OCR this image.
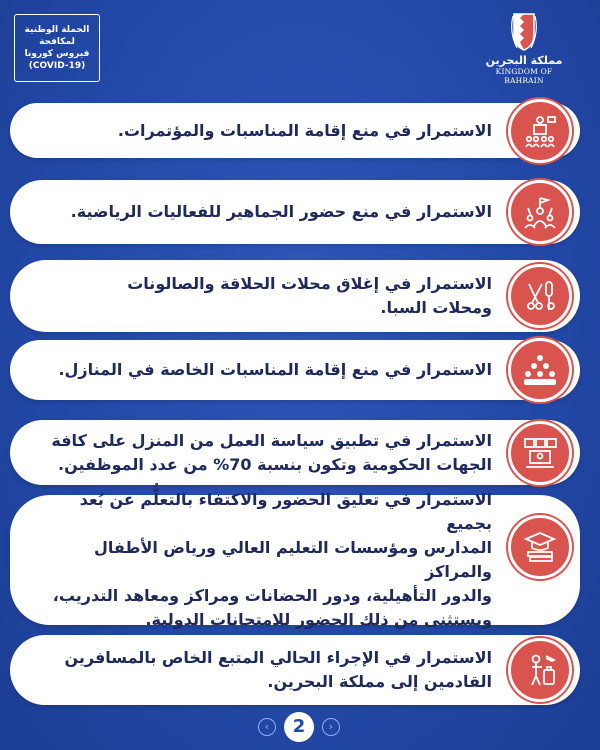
الحملة الوطنية
لمكافحة
فيروس كورونا
(COVID-19)	مملكة البحرين
KINGDOM OF BAHRAIN
الاستمرار في منع إقامة المناسبات والمؤتمرات.
الاستمرار في منع حضور الجماهير للفعاليات الرياضية.
الاستمرار في إغلاق محلات الحلاقة والصالونات
ومحلات السبا.
الاستمرار في منع إقامة المناسبات الخاصة في المنازل.
الاستمرار في تطبيق سياسة العمل من المنزل على كافة
الجهات الحكومية وتكون بنسبة 70% من عدد الموظفين.
الاستمرار في تعليق الحضور والاكتفاء بالتعلُّم عن بُعد بجميع
المدارس ومؤسسات التعليم العالي ورياض الأطفال والمراكز
والدور التأهيلية، ودور الحضانات ومراكز ومعاهد التدريب،
ويستثنى من ذلك الحضور للامتحانات الدولية.
الاستمرار في الإجراء الحالي المتبع الخاص بالمسافرين
القادمين إلى مملكة البحرين.
‹	2	›
